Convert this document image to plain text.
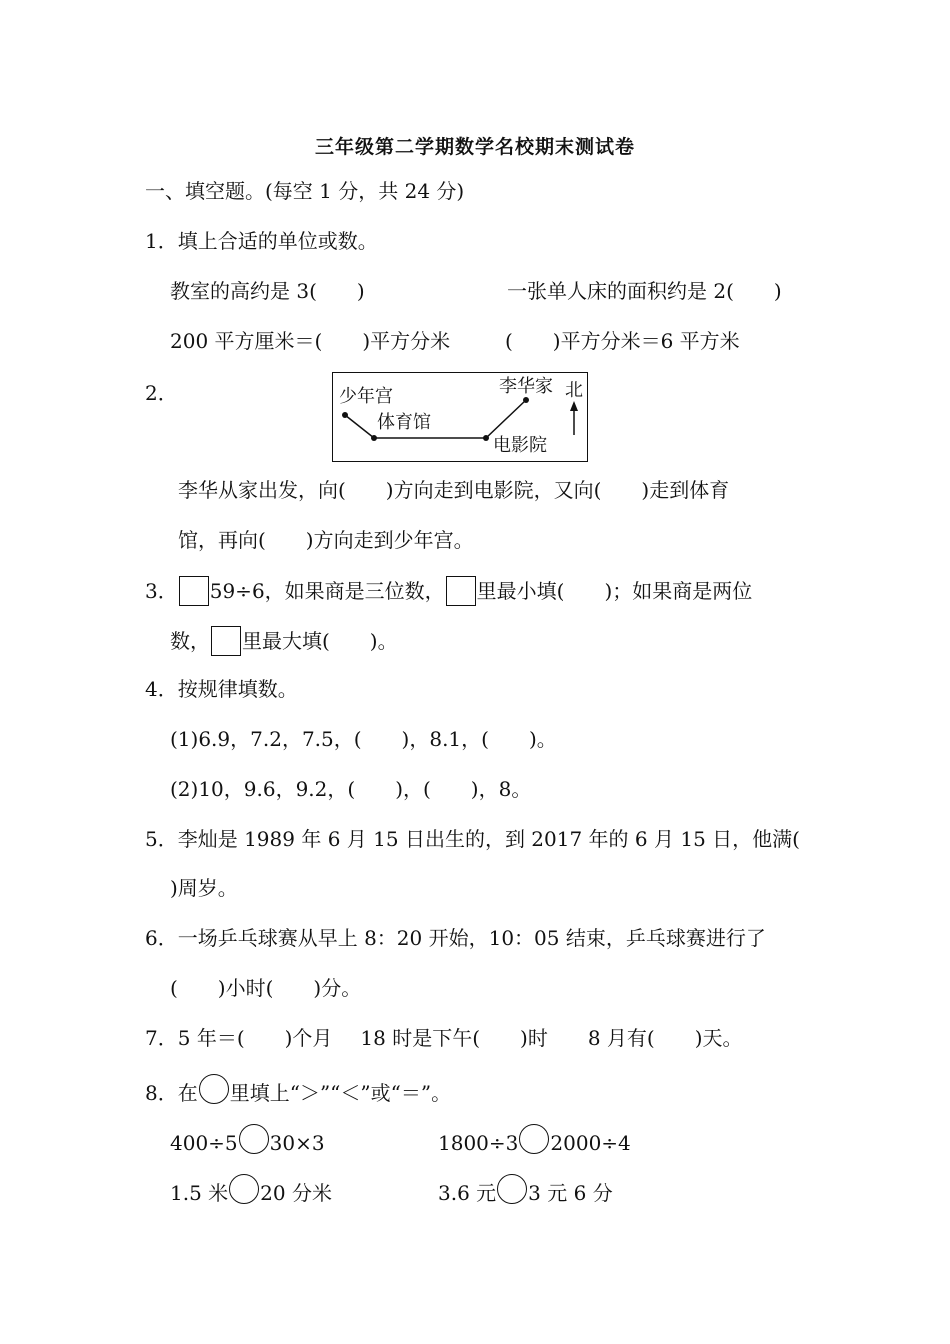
三年级第二学期数学名校期末测试卷
一、填空题。(每空 1 分，共 24 分)
1．填上合适的单位或数。
教室的高约是 3(　　)	一张单人床的面积约是 2(　　)
200 平方厘米＝(　　)平方分米	(　　)平方分米＝6 平方米
2．	少年宫
体育馆
电影院
李华家 北
李华从家出发，向(　　)方向走到电影院，又向(　　)走到体育
馆，再向(　　)方向走到少年宫。
3． 59÷6，如果商是三位数， 里最小填(　　)；如果商是两位
数， 里最大填(　　)。
4．按规律填数。
(1)6.9，7.2，7.5，(　　)，8.1，(　　)。
(2)10，9.6，9.2，(　　)，(　　)，8。
5．李灿是 1989 年 6 月 15 日出生的，到 2017 年的 6 月 15 日，他满(
)周岁。
6．一场乒乓球赛从早上 8：20 开始，10：05 结束，乒乓球赛进行了
(　　)小时(　　)分。
7．5 年＝(　　)个月 18 时是下午(　　)时 8 月有(　　)天。
8．在 里填上“＞”“＜”或“＝”。
400÷5 30×3	1800÷3 2000÷4
1.5 米 20 分米	3.6 元 3 元 6 分
